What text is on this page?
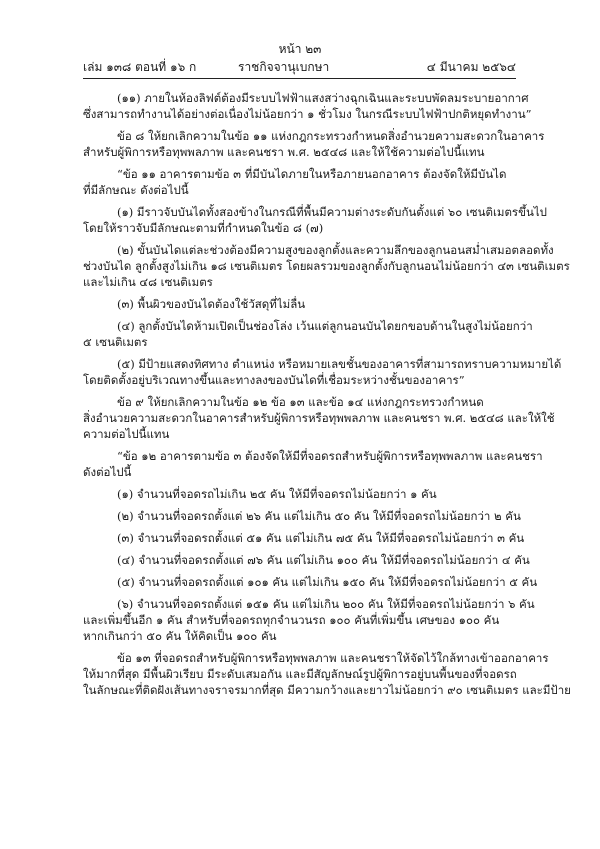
หน้า ๒๓
เล่ม ๑๓๘ ตอนที่ ๑๖ ก	ราชกิจจานุเบกษา	๔ มีนาคม ๒๕๖๔
(๑๑) ภายในห้องลิฟต์ต้องมีระบบไฟฟ้าแสงสว่างฉุกเฉินและระบบพัดลมระบายอากาศ
ซึ่งสามารถทำงานได้อย่างต่อเนื่องไม่น้อยกว่า ๑ ชั่วโมง ในกรณีระบบไฟฟ้าปกติหยุดทำงาน”
ข้อ ๘ ให้ยกเลิกความในข้อ ๑๑ แห่งกฎกระทรวงกำหนดสิ่งอำนวยความสะดวกในอาคาร
สำหรับผู้พิการหรือทุพพลภาพ และคนชรา พ.ศ. ๒๕๔๘ และให้ใช้ความต่อไปนี้แทน
“ข้อ ๑๑ อาคารตามข้อ ๓ ที่มีบันไดภายในหรือภายนอกอาคาร ต้องจัดให้มีบันได
ที่มีลักษณะ ดังต่อไปนี้
(๑) มีราวจับบันไดทั้งสองข้างในกรณีที่พื้นมีความต่างระดับกันตั้งแต่ ๖๐ เซนติเมตรขึ้นไป
โดยให้ราวจับมีลักษณะตามที่กำหนดในข้อ ๘ (๗)
(๒) ขั้นบันไดแต่ละช่วงต้องมีความสูงของลูกตั้งและความลึกของลูกนอนสม่ำเสมอตลอดทั้ง
ช่วงบันได ลูกตั้งสูงไม่เกิน ๑๘ เซนติเมตร โดยผลรวมของลูกตั้งกับลูกนอนไม่น้อยกว่า ๔๓ เซนติเมตร
และไม่เกิน ๔๘ เซนติเมตร
(๓) พื้นผิวของบันไดต้องใช้วัสดุที่ไม่ลื่น
(๔) ลูกตั้งบันไดห้ามเปิดเป็นช่องโล่ง เว้นแต่ลูกนอนบันไดยกขอบด้านในสูงไม่น้อยกว่า
๕ เซนติเมตร
(๕) มีป้ายแสดงทิศทาง ตำแหน่ง หรือหมายเลขชั้นของอาคารที่สามารถทราบความหมายได้
โดยติดตั้งอยู่บริเวณทางขึ้นและทางลงของบันไดที่เชื่อมระหว่างชั้นของอาคาร”
ข้อ ๙ ให้ยกเลิกความในข้อ ๑๒ ข้อ ๑๓ และข้อ ๑๔ แห่งกฎกระทรวงกำหนด
สิ่งอำนวยความสะดวกในอาคารสำหรับผู้พิการหรือทุพพลภาพ และคนชรา พ.ศ. ๒๕๔๘ และให้ใช้
ความต่อไปนี้แทน
“ข้อ ๑๒ อาคารตามข้อ ๓ ต้องจัดให้มีที่จอดรถสำหรับผู้พิการหรือทุพพลภาพ และคนชรา
ดังต่อไปนี้
(๑) จำนวนที่จอดรถไม่เกิน ๒๕ คัน ให้มีที่จอดรถไม่น้อยกว่า ๑ คัน
(๒) จำนวนที่จอดรถตั้งแต่ ๒๖ คัน แต่ไม่เกิน ๕๐ คัน ให้มีที่จอดรถไม่น้อยกว่า ๒ คัน
(๓) จำนวนที่จอดรถตั้งแต่ ๕๑ คัน แต่ไม่เกิน ๗๕ คัน ให้มีที่จอดรถไม่น้อยกว่า ๓ คัน
(๔) จำนวนที่จอดรถตั้งแต่ ๗๖ คัน แต่ไม่เกิน ๑๐๐ คัน ให้มีที่จอดรถไม่น้อยกว่า ๔ คัน
(๕) จำนวนที่จอดรถตั้งแต่ ๑๐๑ คัน แต่ไม่เกิน ๑๕๐ คัน ให้มีที่จอดรถไม่น้อยกว่า ๕ คัน
(๖) จำนวนที่จอดรถตั้งแต่ ๑๕๑ คัน แต่ไม่เกิน ๒๐๐ คัน ให้มีที่จอดรถไม่น้อยกว่า ๖ คัน
และเพิ่มขึ้นอีก ๑ คัน สำหรับที่จอดรถทุกจำนวนรถ ๑๐๐ คันที่เพิ่มขึ้น เศษของ ๑๐๐ คัน
หากเกินกว่า ๕๐ คัน ให้คิดเป็น ๑๐๐ คัน
ข้อ ๑๓ ที่จอดรถสำหรับผู้พิการหรือทุพพลภาพ และคนชราให้จัดไว้ใกล้ทางเข้าออกอาคาร
ให้มากที่สุด มีพื้นผิวเรียบ มีระดับเสมอกัน และมีสัญลักษณ์รูปผู้พิการอยู่บนพื้นของที่จอดรถ
ในลักษณะที่ติดฝังเส้นทางจราจรมากที่สุด มีความกว้างและยาวไม่น้อยกว่า ๙๐ เซนติเมตร และมีป้าย
